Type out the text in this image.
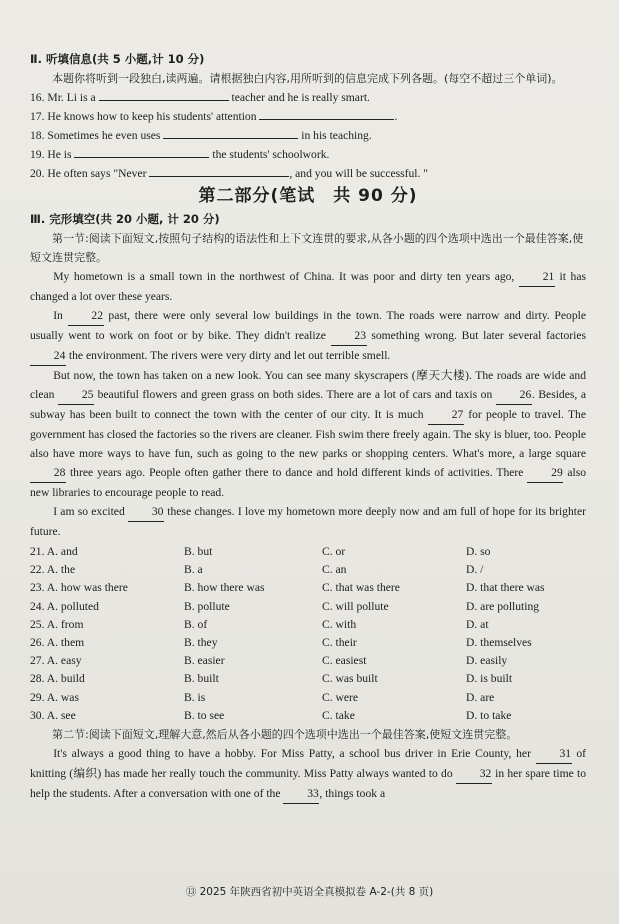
Ⅱ. 听填信息(共 5 小题,计 10 分)

本题你将听到一段独白,读两遍。请根据独白内容,用所听到的信息完成下列各题。(每空不超过三个单词)。

16. Mr. Li is a	teacher and he is really smart.
17. He knows how to keep his students' attention	.
18. Sometimes he even uses	in his teaching.
19. He is	the students' schoolwork.
20. He often says "Never	, and you will be successful. "
第二部分(笔试　共 90 分)
Ⅲ. 完形填空(共 20 小题, 计 20 分)

第一节:阅读下面短文,按照句子结构的语法性和上下文连贯的要求,从各小题的四个选项中选出一个最佳答案,使短文连贯完整。

My hometown is a small town in the northwest of China. It was poor and dirty ten years ago, 21 it has changed a lot over these years.

In 22 past, there were only several low buildings in the town. The roads were narrow and dirty. People usually went to work on foot or by bike. They didn't realize 23 something wrong. But later several factories 24 the environment. The rivers were very dirty and let out terrible smell.

But now, the town has taken on a new look. You can see many skyscrapers (摩天大楼). The roads are wide and clean 25 beautiful flowers and green grass on both sides. There are a lot of cars and taxis on 26. Besides, a subway has been built to connect the town with the center of our city. It is much 27 for people to travel. The government has closed the factories so the rivers are cleaner. Fish swim there freely again. The sky is bluer, too. People also have more ways to have fun, such as going to the new parks or shopping centers. What's more, a large square 28 three years ago. People often gather there to dance and hold different kinds of activities. There 29 also new libraries to encourage people to read.

I am so excited 30 these changes. I love my hometown more deeply now and am full of hope for its brighter future.

21. A. and	B. but	C. or	D. so
22. A. the	B. a	C. an	D. /
23. A. how was there	B. how there was	C. that was there	D. that there was
24. A. polluted	B. pollute	C. will pollute	D. are polluting
25. A. from	B. of	C. with	D. at
26. A. them	B. they	C. their	D. themselves
27. A. easy	B. easier	C. easiest	D. easily
28. A. build	B. built	C. was built	D. is built
29. A. was	B. is	C. were	D. are
30. A. see	B. to see	C. take	D. to take

第二节:阅读下面短文,理解大意,然后从各小题的四个选项中选出一个最佳答案,使短文连贯完整。

It's always a good thing to have a hobby. For Miss Patty, a school bus driver in Erie County, her 31 of knitting (编织) has made her really touch the community. Miss Patty always wanted to do 32 in her spare time to help the students. After a conversation with one of the 33, things took a

⑬ 2025 年陕西省初中英语全真模拟卷 A-2-(共 8 页)
